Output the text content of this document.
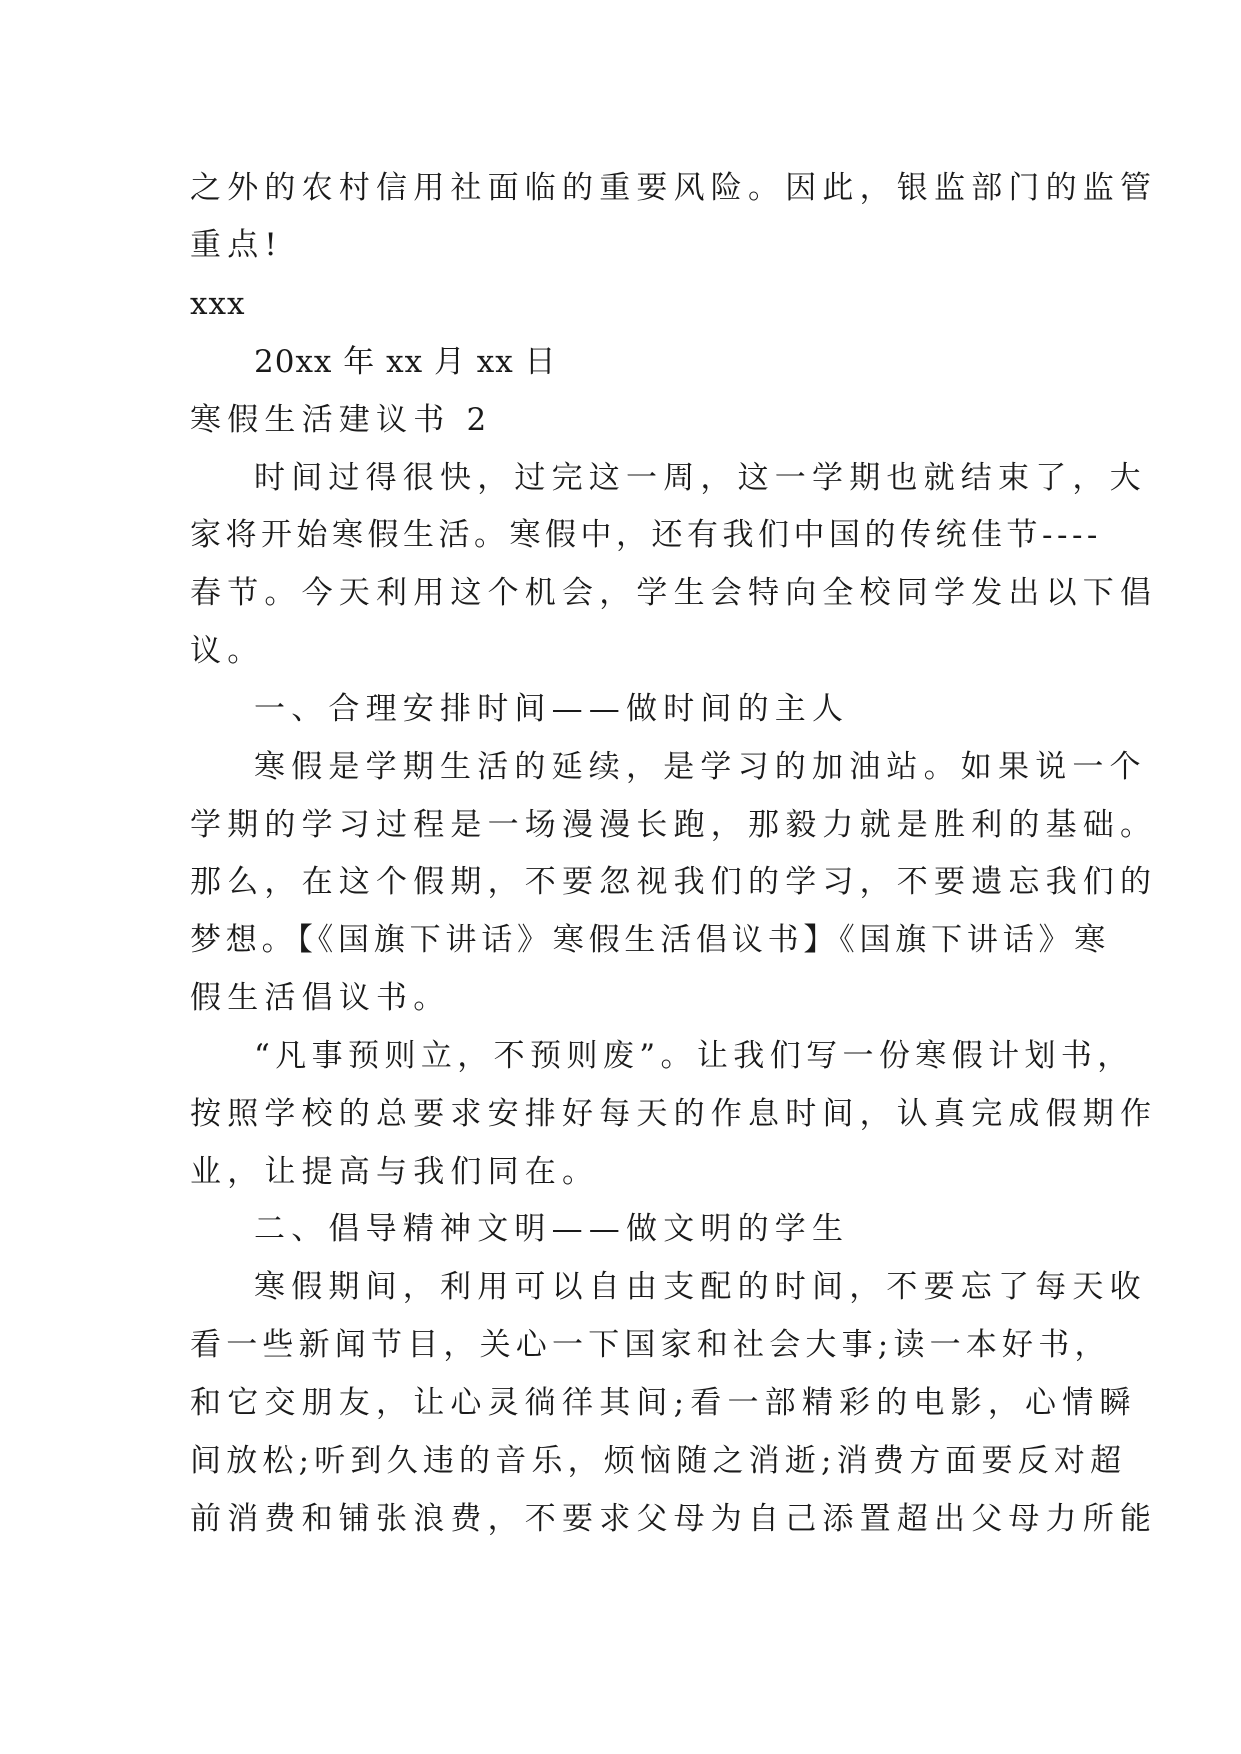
之外的农村信用社面临的重要风险。因此，银监部门的监管
重点!
xxx
20xx 年 xx 月 xx 日
寒假生活建议书 2
时间过得很快，过完这一周，这一学期也就结束了，大
家将开始寒假生活。寒假中，还有我们中国的传统佳节----
春节。今天利用这个机会，学生会特向全校同学发出以下倡
议。
一、合理安排时间——做时间的主人
寒假是学期生活的延续，是学习的加油站。如果说一个
学期的学习过程是一场漫漫长跑，那毅力就是胜利的基础。
那么，在这个假期，不要忽视我们的学习，不要遗忘我们的
梦想。【《国旗下讲话》寒假生活倡议书】《国旗下讲话》寒
假生活倡议书。
“凡事预则立，不预则废”。让我们写一份寒假计划书，
按照学校的总要求安排好每天的作息时间，认真完成假期作
业，让提高与我们同在。
二、倡导精神文明——做文明的学生
寒假期间，利用可以自由支配的时间，不要忘了每天收
看一些新闻节目，关心一下国家和社会大事;读一本好书，
和它交朋友，让心灵徜徉其间;看一部精彩的电影，心情瞬
间放松;听到久违的音乐，烦恼随之消逝;消费方面要反对超
前消费和铺张浪费，不要求父母为自己添置超出父母力所能
